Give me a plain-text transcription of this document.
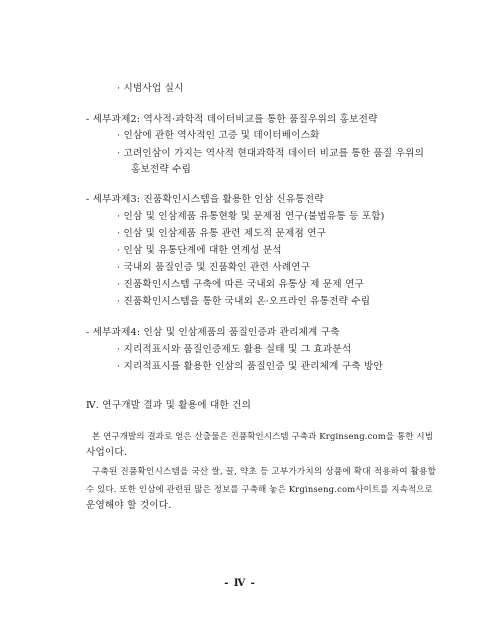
· 시범사업 실시
- 세부과제2: 역사적·과학적 데이터비교를 통한 품질우위의 홍보전략
· 인삼에 관한 역사적인 고증 및 데이터베이스화
· 고려인삼이 가지는 역사적 현대과학적 데이터 비교를 통한 품질 우위의
홍보전략 수립
- 세부과제3: 진품확인시스템을 활용한 인삼 신유통전략
· 인삼 및 인삼제품 유통현황 및 문제점 연구(불법유통 등 포함)
· 인삼 및 인삼제품 유통 관련 제도적 문제점 연구
· 인삼 및 유통단계에 대한 연계성 분석
· 국내외 품질인증 및 진품확인 관련 사례연구
· 진품확인시스템 구축에 따른 국내외 유통상 제 문제 연구
· 진품확인시스템을 통한 국내외 온·오프라인 유통전략 수립
- 세부과제4: 인삼 및 인삼제품의 품질인증과 관리체계 구축
· 지리적표시와 품질인증제도 활용 실태 및 그 효과분석
· 지리적표시를 활용한 인삼의 품질인증 및 관리체계 구축 방안
Ⅳ. 연구개발 결과 및 활용에 대한 건의
본 연구개발의 결과로 얻은 산출물은 진품확인시스템 구축과 Krginseng.com을 통한 시범
사업이다.
구축된 진품확인시스템을 국산 쌀, 꿀, 약초 등 고부가가치의 상품에 확대 적용하여 활용할
수 있다. 또한 인삼에 관련된 많은 정보를 구축해 놓은 Krginseng.com사이트를 지속적으로
운영해야 할 것이다.
- Ⅳ -
